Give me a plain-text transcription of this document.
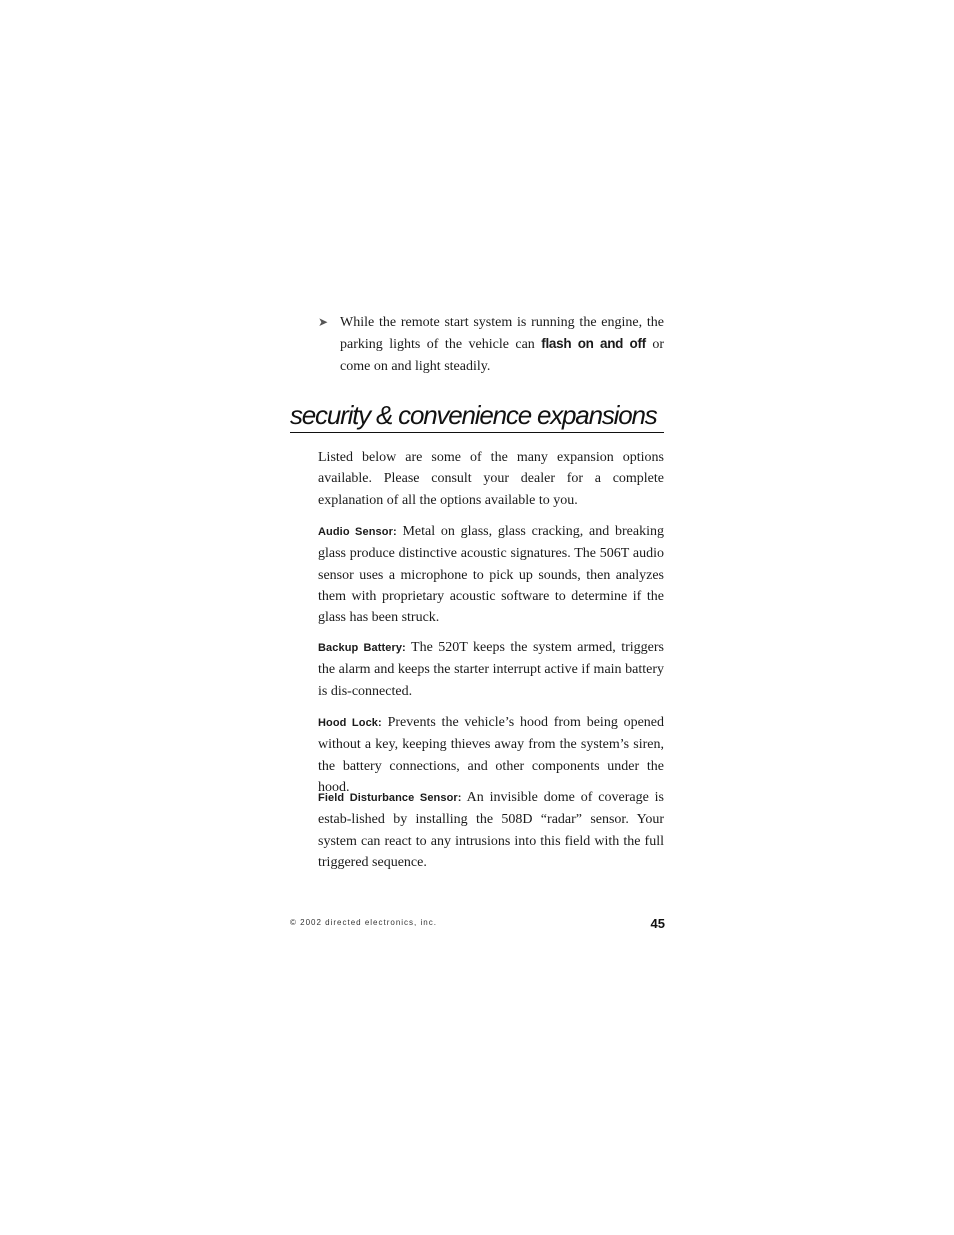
➤ While the remote start system is running the engine, the parking lights of the vehicle can flash on and off or come on and light steadily.
security & convenience expansions

Listed below are some of the many expansion options available. Please consult your dealer for a complete explanation of all the options available to you.

Audio Sensor: Metal on glass, glass cracking, and breaking glass produce distinctive acoustic signatures. The 506T audio sensor uses a microphone to pick up sounds, then analyzes them with proprietary acoustic software to determine if the glass has been struck.

Backup Battery: The 520T keeps the system armed, triggers the alarm and keeps the starter interrupt active if main battery is dis-connected.

Hood Lock: Prevents the vehicle’s hood from being opened without a key, keeping thieves away from the system’s siren, the battery connections, and other components under the hood.

Field Disturbance Sensor: An invisible dome of coverage is estab-lished by installing the 508D “radar” sensor. Your system can react to any intrusions into this field with the full triggered sequence.

© 2002 directed electronics, inc.	45
